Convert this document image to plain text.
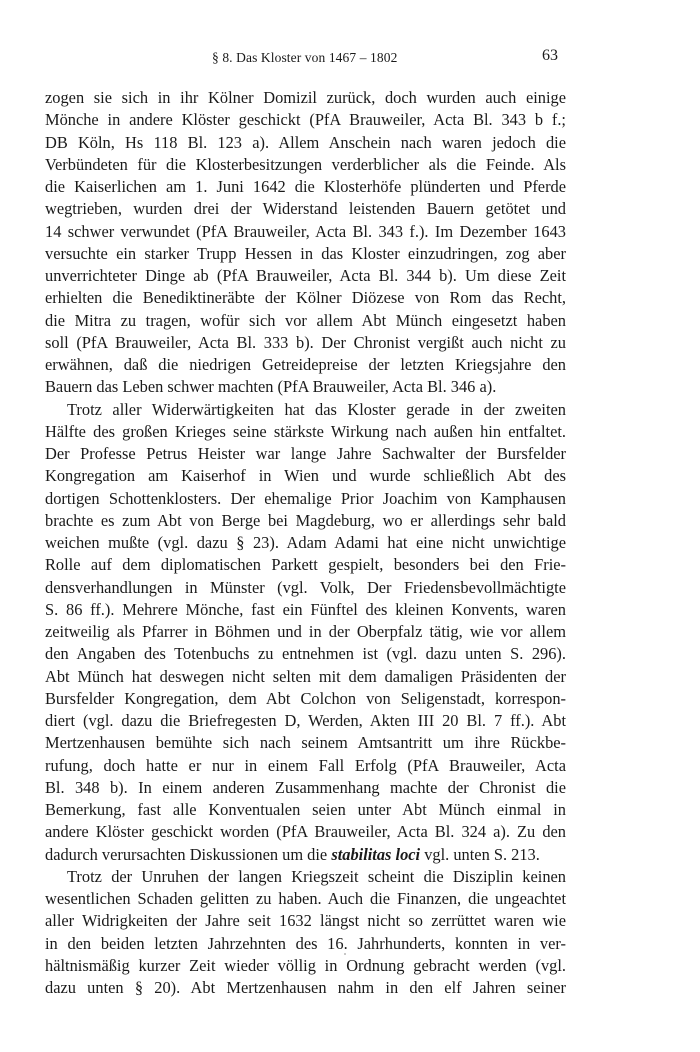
§ 8. Das Kloster von 1467 – 1802	63
zogen sie sich in ihr Kölner Domizil zurück, doch wurden auch einige
Mönche in andere Klöster geschickt (PfA Brauweiler, Acta Bl. 343 b f.;
DB Köln, Hs 118 Bl. 123 a). Allem Anschein nach waren jedoch die
Verbündeten für die Klosterbesitzungen verderblicher als die Feinde. Als
die Kaiserlichen am 1. Juni 1642 die Klosterhöfe plünderten und Pferde
wegtrieben, wurden drei der Widerstand leistenden Bauern getötet und
14 schwer verwundet (PfA Brauweiler, Acta Bl. 343 f.). Im Dezember 1643
versuchte ein starker Trupp Hessen in das Kloster einzudringen, zog aber
unverrichteter Dinge ab (PfA Brauweiler, Acta Bl. 344 b). Um diese Zeit
erhielten die Benediktineräbte der Kölner Diözese von Rom das Recht,
die Mitra zu tragen, wofür sich vor allem Abt Münch eingesetzt haben
soll (PfA Brauweiler, Acta Bl. 333 b). Der Chronist vergißt auch nicht zu
erwähnen, daß die niedrigen Getreidepreise der letzten Kriegsjahre den
Bauern das Leben schwer machten (PfA Brauweiler, Acta Bl. 346 a).
Trotz aller Widerwärtigkeiten hat das Kloster gerade in der zweiten
Hälfte des großen Krieges seine stärkste Wirkung nach außen hin entfaltet.
Der Professe Petrus Heister war lange Jahre Sachwalter der Bursfelder
Kongregation am Kaiserhof in Wien und wurde schließlich Abt des
dortigen Schottenklosters. Der ehemalige Prior Joachim von Kamphausen
brachte es zum Abt von Berge bei Magdeburg, wo er allerdings sehr bald
weichen mußte (vgl. dazu § 23). Adam Adami hat eine nicht unwichtige
Rolle auf dem diplomatischen Parkett gespielt, besonders bei den Frie-
densverhandlungen in Münster (vgl. Volk, Der Friedensbevollmächtigte
S. 86 ff.). Mehrere Mönche, fast ein Fünftel des kleinen Konvents, waren
zeitweilig als Pfarrer in Böhmen und in der Oberpfalz tätig, wie vor allem
den Angaben des Totenbuchs zu entnehmen ist (vgl. dazu unten S. 296).
Abt Münch hat deswegen nicht selten mit dem damaligen Präsidenten der
Bursfelder Kongregation, dem Abt Colchon von Seligenstadt, korrespon-
diert (vgl. dazu die Briefregesten D, Werden, Akten III 20 Bl. 7 ff.). Abt
Mertzenhausen bemühte sich nach seinem Amtsantritt um ihre Rückbe-
rufung, doch hatte er nur in einem Fall Erfolg (PfA Brauweiler, Acta
Bl. 348 b). In einem anderen Zusammenhang machte der Chronist die
Bemerkung, fast alle Konventualen seien unter Abt Münch einmal in
andere Klöster geschickt worden (PfA Brauweiler, Acta Bl. 324 a). Zu den
dadurch verursachten Diskussionen um die stabilitas loci vgl. unten S. 213.
Trotz der Unruhen der langen Kriegszeit scheint die Disziplin keinen
wesentlichen Schaden gelitten zu haben. Auch die Finanzen, die ungeachtet
aller Widrigkeiten der Jahre seit 1632 längst nicht so zerrüttet waren wie
in den beiden letzten Jahrzehnten des 16. Jahrhunderts, konnten in ver-
hältnismäßig kurzer Zeit wieder völlig in Ordnung gebracht werden (vgl.
dazu unten § 20). Abt Mertzenhausen nahm in den elf Jahren seiner
